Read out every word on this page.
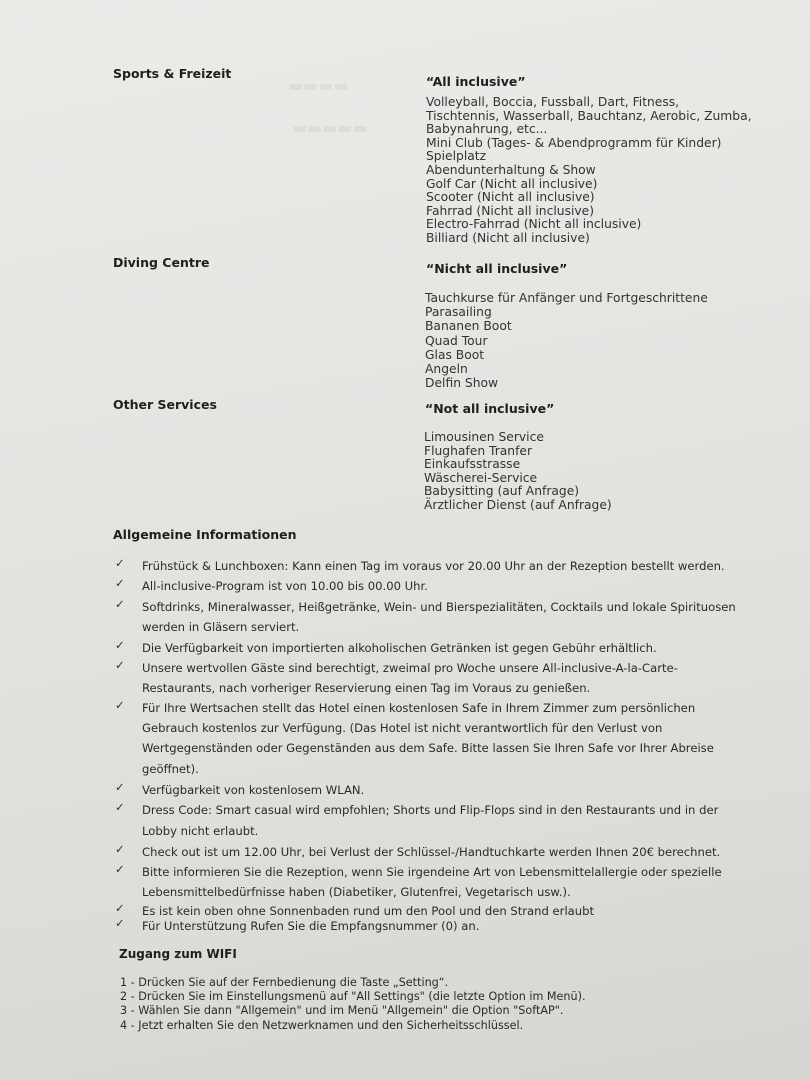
▬▬▬▬
▬▬▬▬▬
Sports & Freizeit
“All inclusive”
Volleyball, Boccia, Fussball, Dart, Fitness,
Tischtennis, Wasserball, Bauchtanz, Aerobic, Zumba,
Babynahrung, etc...
Mini Club (Tages- & Abendprogramm für Kinder)
Spielplatz
Abendunterhaltung & Show
Golf Car (Nicht all inclusive)
Scooter (Nicht all inclusive)
Fahrrad (Nicht all inclusive)
Electro-Fahrrad (Nicht all inclusive)
Billiard (Nicht all inclusive)
Diving Centre	“Nicht all inclusive”
Tauchkurse für Anfänger und Fortgeschrittene
Parasailing
Bananen Boot
Quad Tour
Glas Boot
Angeln
Delfin Show
Other Services	“Not all inclusive”
Limousinen Service
Flughafen Tranfer
Einkaufsstrasse
Wäscherei-Service
Babysitting (auf Anfrage)
Ärztlicher Dienst (auf Anfrage)
Allgemeine Informationen
✓ Frühstück & Lunchboxen: Kann einen Tag im voraus vor 20.00 Uhr an der Rezeption bestellt werden.
✓ All-inclusive-Program ist von 10.00 bis 00.00 Uhr.
✓ Softdrinks, Mineralwasser, Heißgetränke, Wein- und Bierspezialitäten, Cocktails und lokale Spirituosen
werden in Gläsern serviert.
✓ Die Verfügbarkeit von importierten alkoholischen Getränken ist gegen Gebühr erhältlich.
✓ Unsere wertvollen Gäste sind berechtigt, zweimal pro Woche unsere All-inclusive-A-la-Carte-
Restaurants, nach vorheriger Reservierung einen Tag im Voraus zu genießen.
✓ Für Ihre Wertsachen stellt das Hotel einen kostenlosen Safe in Ihrem Zimmer zum persönlichen
Gebrauch kostenlos zur Verfügung. (Das Hotel ist nicht verantwortlich für den Verlust von
Wertgegenständen oder Gegenständen aus dem Safe. Bitte lassen Sie Ihren Safe vor Ihrer Abreise
geöffnet).
✓ Verfügbarkeit von kostenlosem WLAN.
✓ Dress Code: Smart casual wird empfohlen; Shorts und Flip-Flops sind in den Restaurants und in der
Lobby nicht erlaubt.
✓ Check out ist um 12.00 Uhr, bei Verlust der Schlüssel-/Handtuchkarte werden Ihnen 20€ berechnet.
✓ Bitte informieren Sie die Rezeption, wenn Sie irgendeine Art von Lebensmittelallergie oder spezielle
Lebensmittelbedürfnisse haben (Diabetiker, Glutenfrei, Vegetarisch usw.).
✓ Es ist kein oben ohne Sonnenbaden rund um den Pool und den Strand erlaubt
✓ Für Unterstützung Rufen Sie die Empfangsnummer (0) an.
Zugang zum WIFI
1 - Drücken Sie auf der Fernbedienung die Taste „Setting“.
2 - Drücken Sie im Einstellungsmenü auf "All Settings" (die letzte Option im Menü).
3 - Wählen Sie dann "Allgemein" und im Menü "Allgemein" die Option "SoftAP".
4 - Jetzt erhalten Sie den Netzwerknamen und den Sicherheitsschlüssel.
